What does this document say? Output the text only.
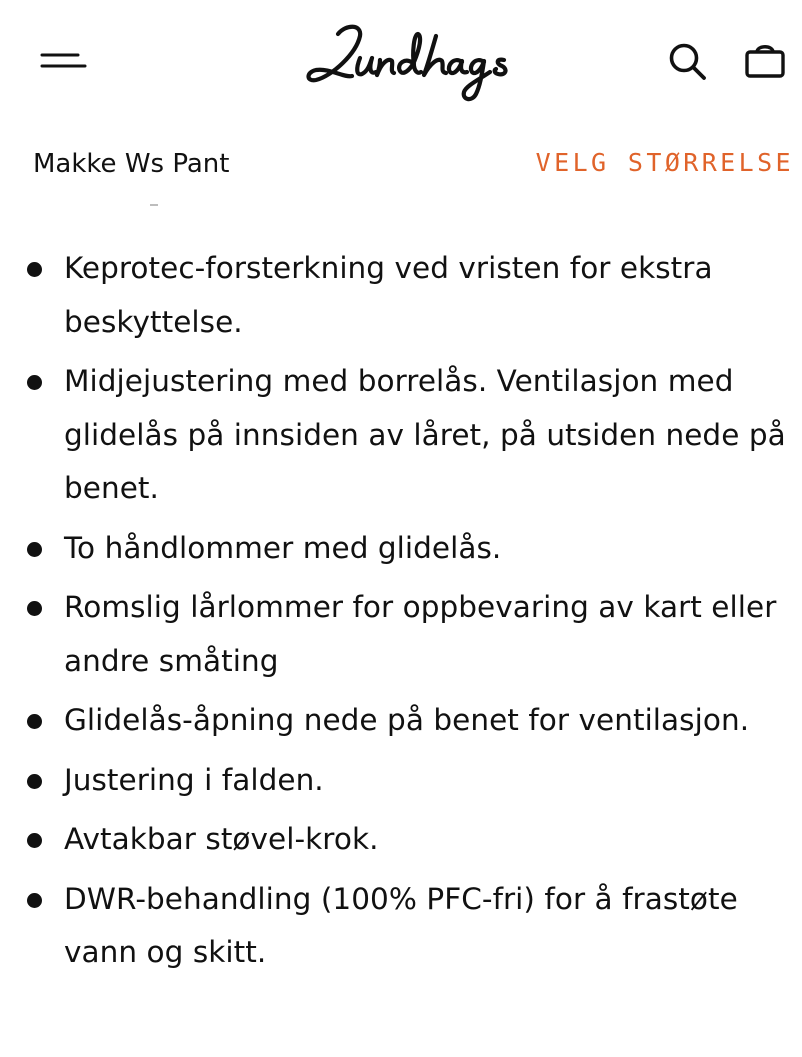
Makke Ws Pant	VELG STØRRELSE
Keprotec-forsterkning ved vristen for ekstra beskyttelse.
Midjejustering med borrelås. Ventilasjon med glidelås på innsiden av låret, på utsiden nede på benet.
To håndlommer med glidelås.
Romslig lårlommer for oppbevaring av kart eller andre småting
Glidelås-åpning nede på benet for ventilasjon.
Justering i falden.
Avtakbar støvel-krok.
DWR-behandling (100% PFC-fri) for å frastøte vann og skitt.
